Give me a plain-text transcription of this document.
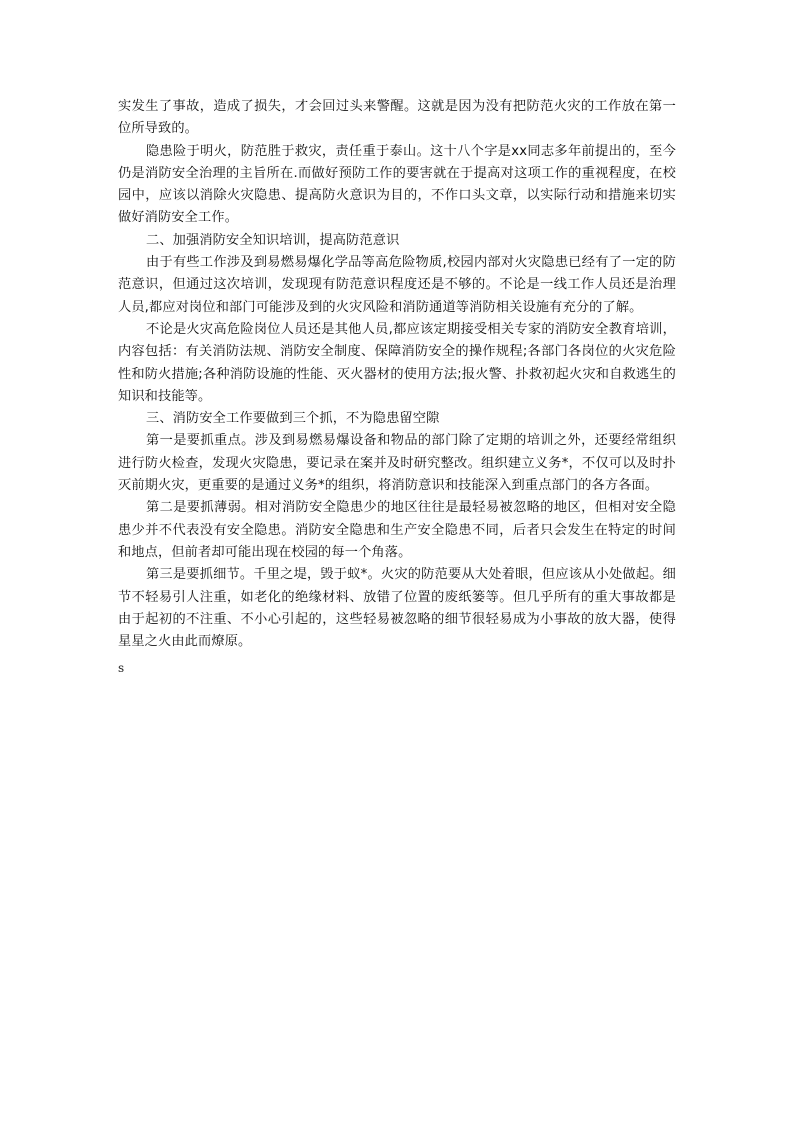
实发生了事故，造成了损失，才会回过头来警醒。这就是因为没有把防范火灾的工作放在第一位所导致的。

隐患险于明火，防范胜于救灾，责任重于泰山。这十八个字是xx同志多年前提出的，至今仍是消防安全治理的主旨所在.而做好预防工作的要害就在于提高对这项工作的重视程度，在校园中，应该以消除火灾隐患、提高防火意识为目的，不作口头文章，以实际行动和措施来切实做好消防安全工作。

二、加强消防安全知识培训，提高防范意识

由于有些工作涉及到易燃易爆化学品等高危险物质,校园内部对火灾隐患已经有了一定的防范意识，但通过这次培训，发现现有防范意识程度还是不够的。不论是一线工作人员还是治理人员,都应对岗位和部门可能涉及到的火灾风险和消防通道等消防相关设施有充分的了解。

不论是火灾高危险岗位人员还是其他人员,都应该定期接受相关专家的消防安全教育培训，内容包括：有关消防法规、消防安全制度、保障消防安全的操作规程;各部门各岗位的火灾危险性和防火措施;各种消防设施的性能、灭火器材的使用方法;报火警、扑救初起火灾和自救逃生的知识和技能等。

三、消防安全工作要做到三个抓，不为隐患留空隙

第一是要抓重点。涉及到易燃易爆设备和物品的部门除了定期的培训之外，还要经常组织进行防火检查，发现火灾隐患，要记录在案并及时研究整改。组织建立义务*，不仅可以及时扑灭前期火灾，更重要的是通过义务*的组织，将消防意识和技能深入到重点部门的各方各面。

第二是要抓薄弱。相对消防安全隐患少的地区往往是最轻易被忽略的地区，但相对安全隐患少并不代表没有安全隐患。消防安全隐患和生产安全隐患不同，后者只会发生在特定的时间和地点，但前者却可能出现在校园的每一个角落。

第三是要抓细节。千里之堤，毁于蚁*。火灾的防范要从大处着眼，但应该从小处做起。细节不轻易引人注重，如老化的绝缘材料、放错了位置的废纸篓等。但几乎所有的重大事故都是由于起初的不注重、不小心引起的，这些轻易被忽略的细节很轻易成为小事故的放大器，使得星星之火由此而燎原。

s
